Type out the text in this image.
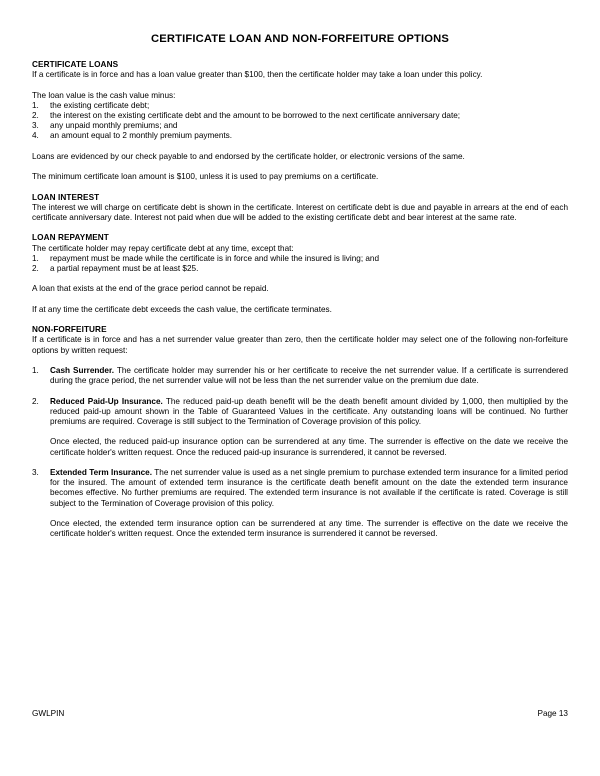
CERTIFICATE LOAN AND NON-FORFEITURE OPTIONS
CERTIFICATE LOANS

If a certificate is in force and has a loan value greater than $100, then the certificate holder may take a loan under this policy.

The loan value is the cash value minus:

1.	the existing certificate debt;
2.	the interest on the existing certificate debt and the amount to be borrowed to the next certificate anniversary date;
3.	any unpaid monthly premiums; and
4.	an amount equal to 2 monthly premium payments.

Loans are evidenced by our check payable to and endorsed by the certificate holder, or electronic versions of the same.

The minimum certificate loan amount is $100, unless it is used to pay premiums on a certificate.

LOAN INTEREST

The interest we will charge on certificate debt is shown in the certificate. Interest on certificate debt is due and payable in arrears at the end of each certificate anniversary date. Interest not paid when due will be added to the existing certificate debt and bear interest at the same rate.

LOAN REPAYMENT

The certificate holder may repay certificate debt at any time, except that:

1.	repayment must be made while the certificate is in force and while the insured is living; and
2.	a partial repayment must be at least $25.

A loan that exists at the end of the grace period cannot be repaid.

If at any time the certificate debt exceeds the cash value, the certificate terminates.

NON-FORFEITURE

If a certificate is in force and has a net surrender value greater than zero, then the certificate holder may select one of the following non-forfeiture options by written request:

1.	Cash Surrender. The certificate holder may surrender his or her certificate to receive the net surrender value. If a certificate is surrendered during the grace period, the net surrender value will not be less than the net surrender value on the premium due date.

2.	Reduced Paid-Up Insurance. The reduced paid-up death benefit will be the death benefit amount divided by 1,000, then multiplied by the reduced paid-up amount shown in the Table of Guaranteed Values in the certificate. Any outstanding loans will be continued. No further premiums are required. Coverage is still subject to the Termination of Coverage provision of this policy.

Once elected, the reduced paid-up insurance option can be surrendered at any time. The surrender is effective on the date we receive the certificate holder's written request. Once the reduced paid-up insurance is surrendered, it cannot be reversed.

3.	Extended Term Insurance. The net surrender value is used as a net single premium to purchase extended term insurance for a limited period for the insured. The amount of extended term insurance is the certificate death benefit amount on the date the extended term insurance becomes effective. No further premiums are required. The extended term insurance is not available if the certificate is rated. Coverage is still subject to the Termination of Coverage provision of this policy.

Once elected, the extended term insurance option can be surrendered at any time. The surrender is effective on the date we receive the certificate holder's written request. Once the extended term insurance is surrendered it cannot be reversed.

GWLPIN	Page 13
